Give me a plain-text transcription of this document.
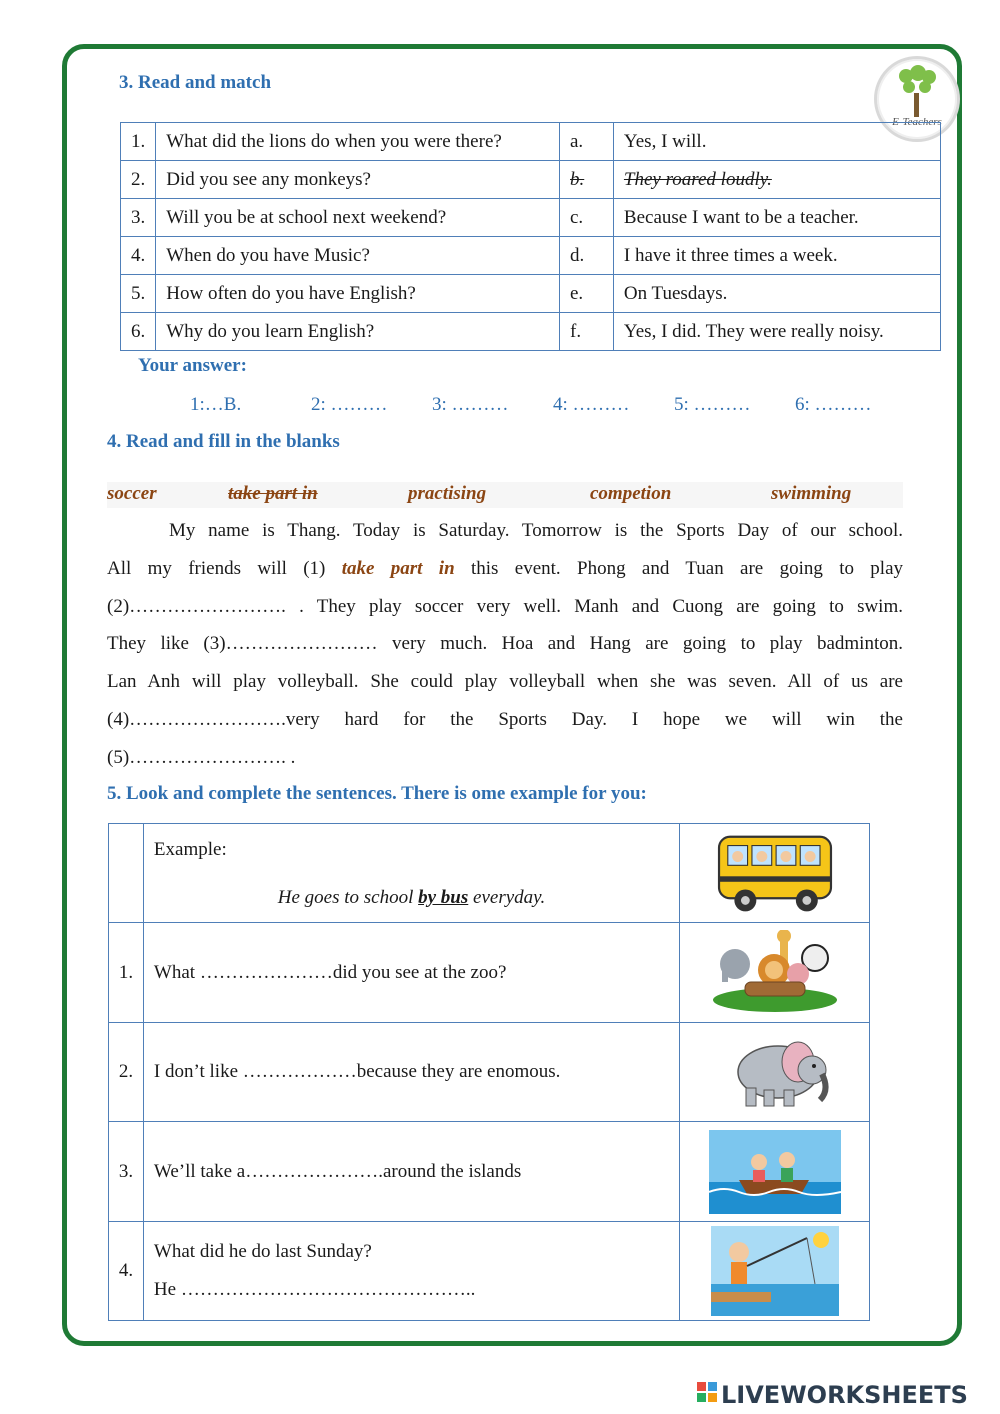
E-Teachers
3. Read and match
1.	What did the lions do when you were there?	a.	Yes, I will.
2.	Did you see any monkeys?	b.	They roared loudly.
3.	Will you be at school next weekend?	c.	Because I want to be a teacher.
4.	When do you have Music?	d.	I have it three times a week.
5.	How often do you have English?	e.	On Tuesdays.
6.	Why do you learn English?	f.	Yes, I did. They were really noisy.
Your answer:
1:…B.	2: ……… 3: ……… 4: ……… 5: ……… 6: ………
4. Read and fill in the blanks
soccer	take part in	practising	competion	swimming
My name is Thang. Today is Saturday. Tomorrow is the Sports Day of our school.
All my friends will (1) take part in this event. Phong and Tuan are going to play
(2)……………………. . They play soccer very well. Manh and Cuong are going to swim.
They like (3)…………………… very much. Hoa and Hang are going to play badminton.
Lan Anh will play volleyball. She could play volleyball when she was seven. All of us are
(4)…………………….very hard for the Sports Day. I hope we will win the
(5)……………………. .
5. Look and complete the sentences. There is ome example for you:

	Example:
He goes to school by bus everyday.

1.	What …………………did you see at the zoo?	

2.	I don’t like ………………because they are enomous.	

3.	We’ll take a………………….around the islands	

4.	What did he do last Sunday?
He ………………………………………..

LIVEWORKSHEETS
